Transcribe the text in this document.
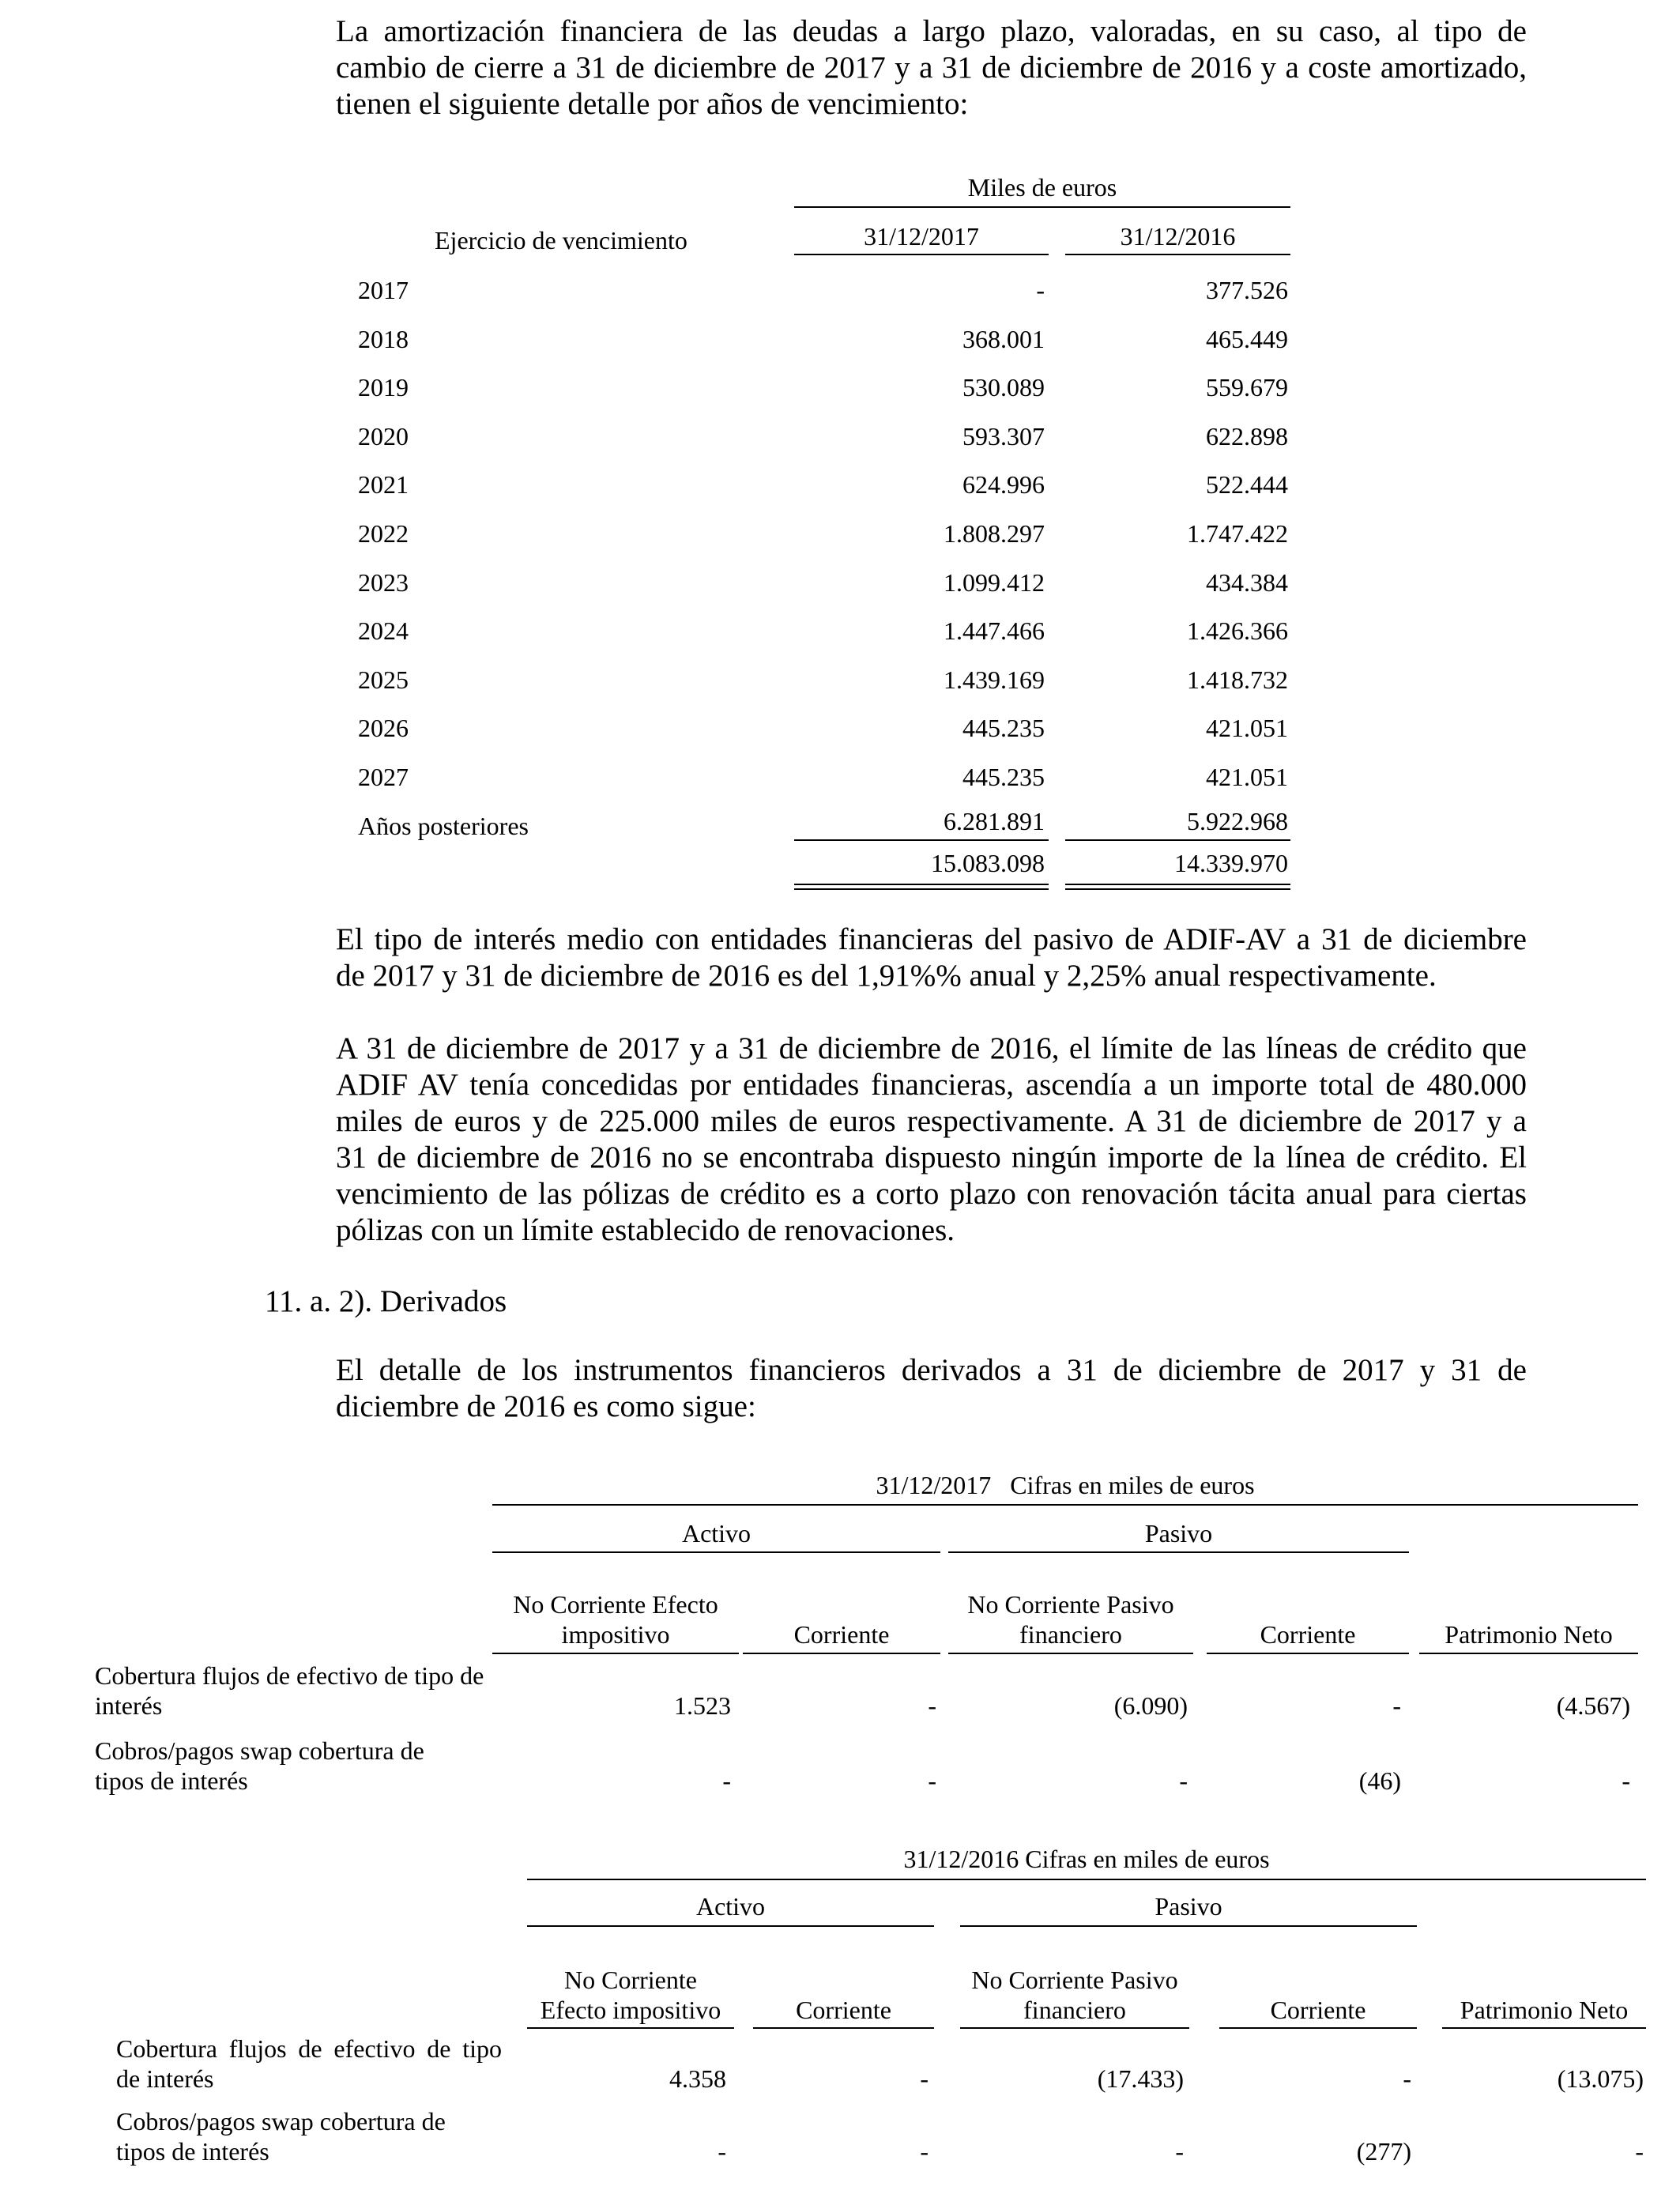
La amortización financiera de las deudas a largo plazo, valoradas, en su caso, al tipo de
cambio de cierre a 31 de diciembre de 2017 y a 31 de diciembre de 2016 y a coste amortizado,
tienen el siguiente detalle por años de vencimiento:
Miles de euros
Ejercicio de vencimiento	31/12/2017	31/12/2016
2017	-	377.526
2018	368.001	465.449
2019	530.089	559.679
2020	593.307	622.898
2021	624.996	522.444
2022	1.808.297	1.747.422
2023	1.099.412	434.384
2024	1.447.466	1.426.366
2025	1.439.169	1.418.732
2026	445.235	421.051
2027	445.235	421.051
Años posteriores	6.281.891	5.922.968
15.083.098	14.339.970
El tipo de interés medio con entidades financieras del pasivo de ADIF-AV a 31 de diciembre
de 2017 y 31 de diciembre de 2016 es del 1,91%% anual y 2,25% anual respectivamente.
A 31 de diciembre de 2017 y a 31 de diciembre de 2016, el límite de las líneas de crédito que
ADIF AV tenía concedidas por entidades financieras, ascendía a un importe total de 480.000
miles de euros y de 225.000 miles de euros respectivamente. A 31 de diciembre de 2017 y a
31 de diciembre de 2016 no se encontraba dispuesto ningún importe de la línea de crédito. El
vencimiento de las pólizas de crédito es a corto plazo con renovación tácita anual para ciertas
pólizas con un límite establecido de renovaciones.
11. a. 2). Derivados
El detalle de los instrumentos financieros derivados a 31 de diciembre de 2017 y 31 de
diciembre de 2016 es como sigue:
31/12/2017   Cifras en miles de euros
Activo	Pasivo
No Corriente Efecto
impositivo	Corriente
No Corriente Pasivo
financiero	Corriente	Patrimonio Neto
Cobertura flujos de efectivo de tipo de
interés	1.523	-	(6.090)	-	(4.567)
Cobros/pagos swap cobertura de
tipos de interés	-	-	-	(46)	-
31/12/2016 Cifras en miles de euros
Activo	Pasivo
No Corriente
Efecto impositivo	Corriente
No Corriente Pasivo
financiero	Corriente	Patrimonio Neto
Cobertura flujos de efectivo de tipo
de interés	4.358	-	(17.433)	-	(13.075)
Cobros/pagos swap cobertura de
tipos de interés	-	-	-	(277)	-
